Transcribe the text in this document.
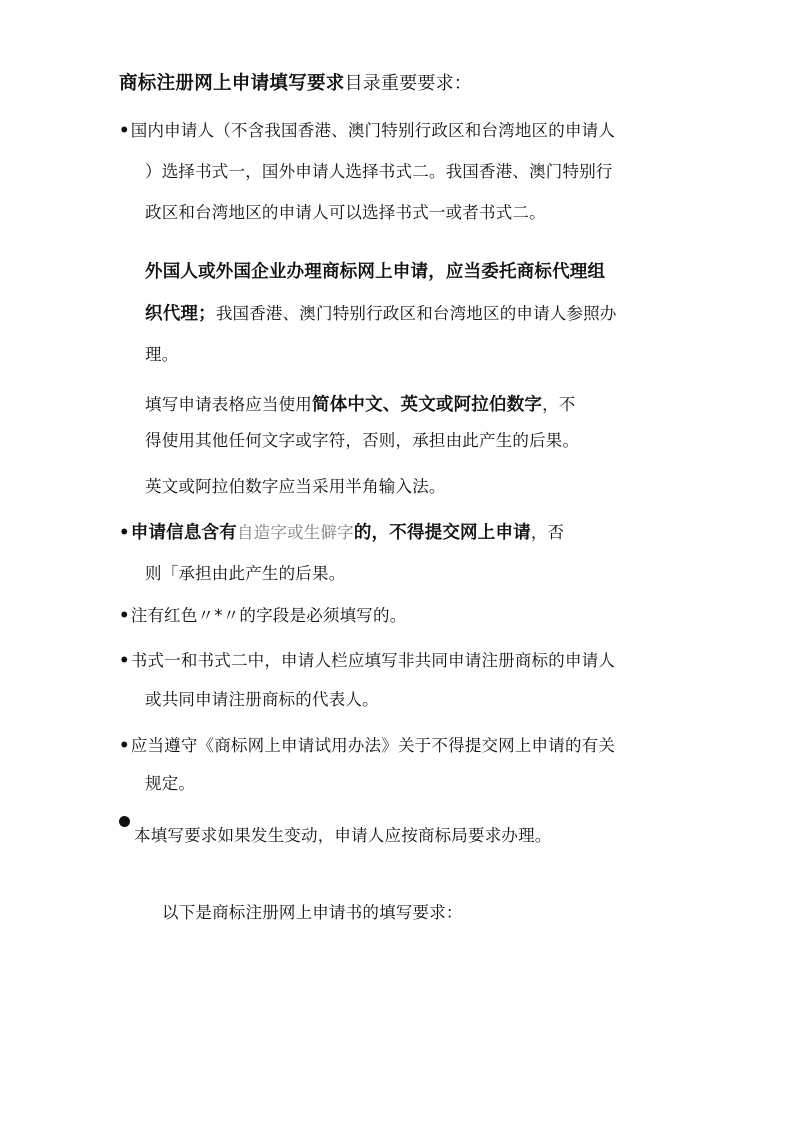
商标注册网上申请填写要求目录重要要求：
•国内申请人（不含我国香港、澳门特别行政区和台湾地区的申请人
）选择书式一，国外申请人选择书式二。我国香港、澳门特别行
政区和台湾地区的申请人可以选择书式一或者书式二。
外国人或外国企业办理商标网上申请，应当委托商标代理组
织代理；我国香港、澳门特别行政区和台湾地区的申请人参照办
理。
填写申请表格应当使用简体中文、英文或阿拉伯数字，不
得使用其他任何文字或字符，否则，承担由此产生的后果。
英文或阿拉伯数字应当采用半角输入法。
•申请信息含有自造字或生僻字的，不得提交网上申请，否
则「承担由此产生的后果。
•注有红色〃*〃的字段是必须填写的。
•书式一和书式二中，申请人栏应填写非共同申请注册商标的申请人
或共同申请注册商标的代表人。
•应当遵守《商标网上申请试用办法》关于不得提交网上申请的有关
规定。
本填写要求如果发生变动，申请人应按商标局要求办理。
以下是商标注册网上申请书的填写要求：
